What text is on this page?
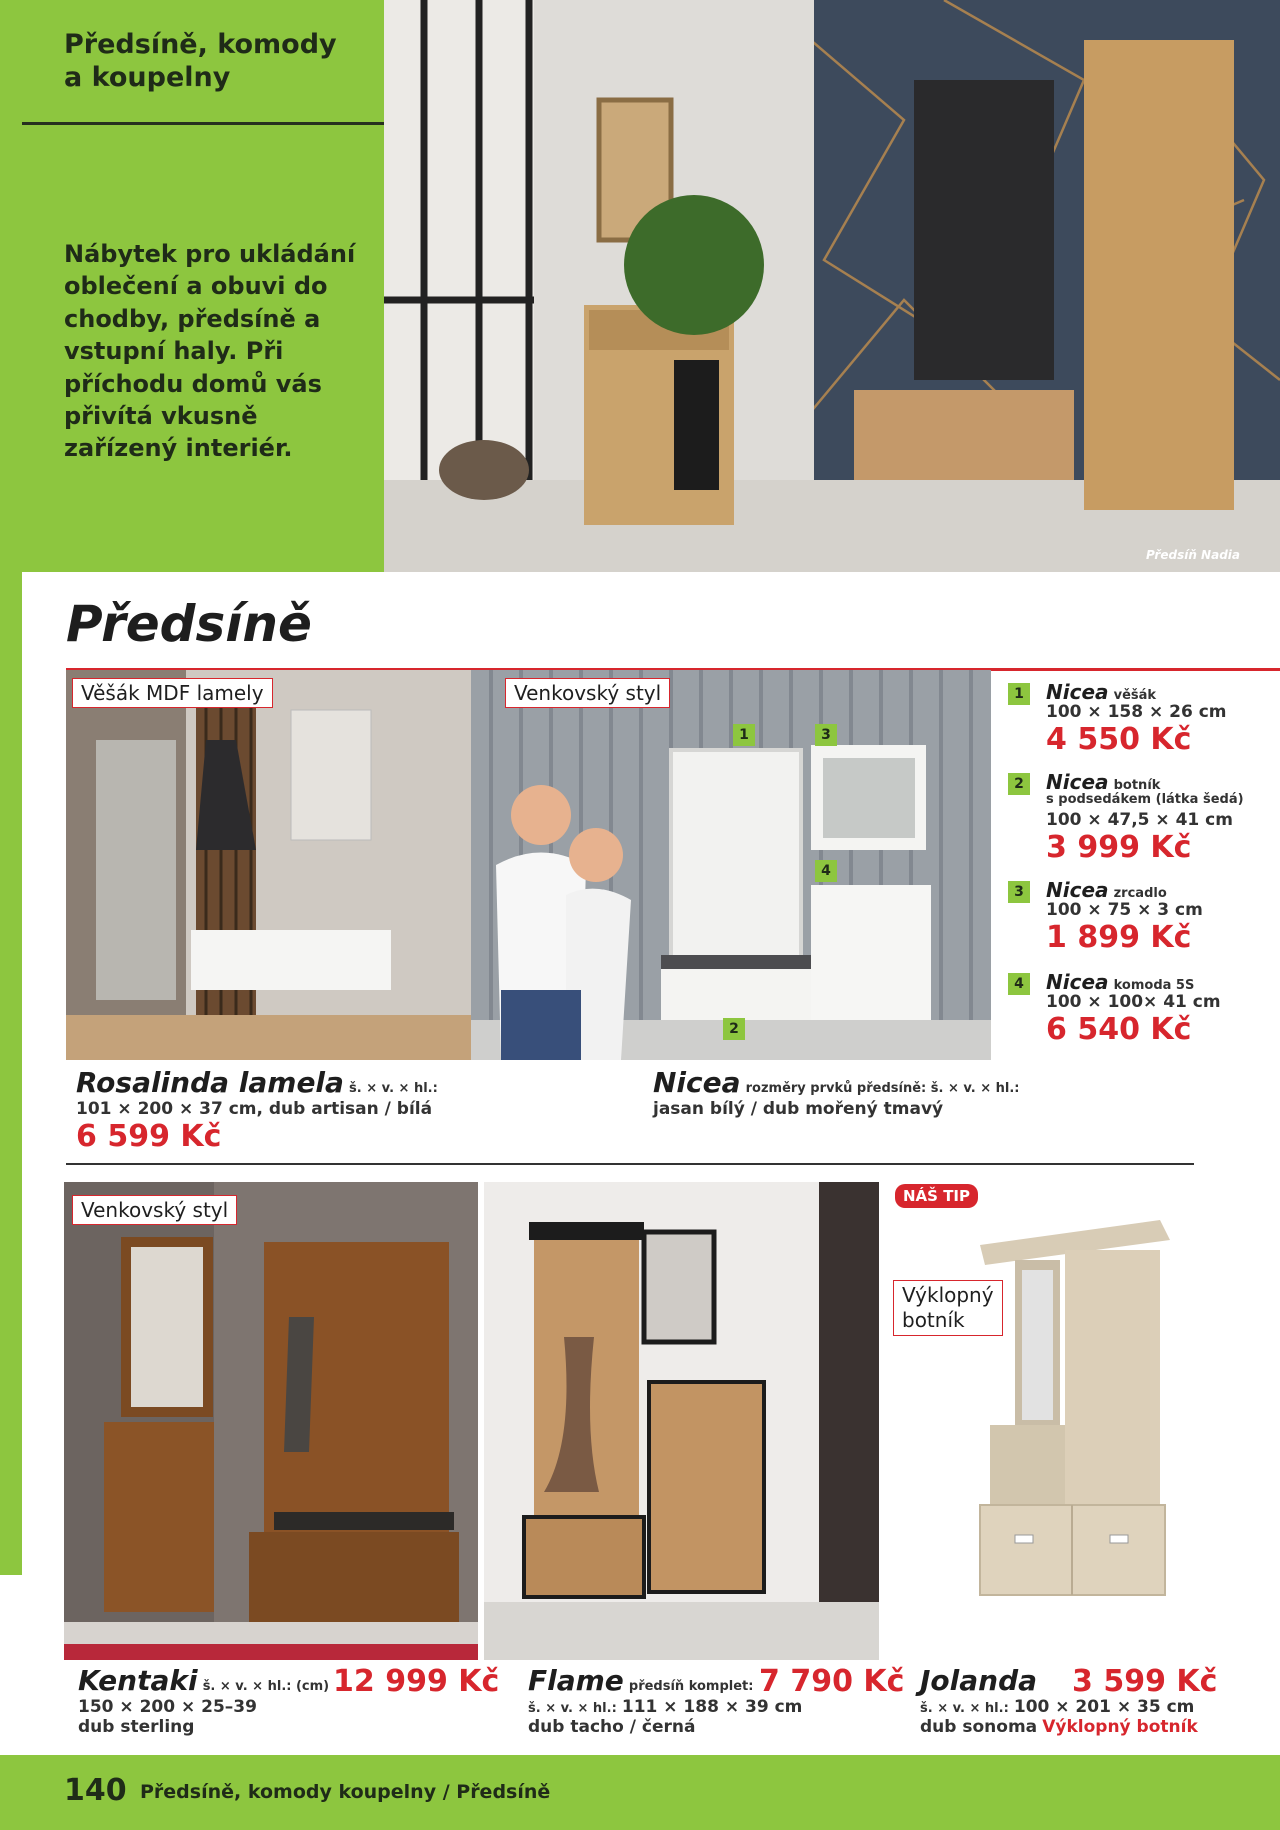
Předsíně, komody
a koupelny
Nábytek pro ukládání oblečení a obuvi do chodby, předsíně a vstupní haly. Při příchodu domů vás přivítá vkusně zařízený interiér.
Předsíň Nadia
Předsíně
Věšák MDF lamely	Venkovský styl
1	3
4
2
1	Nicea věšák
100 × 158 × 26 cm
4 550 Kč
2	Nicea botník
s podsedákem (látka šedá)
100 × 47,5 × 41 cm
3 999 Kč
3	Nicea zrcadlo
100 × 75 × 3 cm
1 899 Kč
4	Nicea komoda 5S
100 × 100× 41 cm
6 540 Kč
Rosalinda lamela š. × v. × hl.:
101 × 200 × 37 cm, dub artisan / bílá
6 599 Kč
Nicea rozměry prvků předsíně: š. × v. × hl.:
jasan bílý / dub mořený tmavý
Venkovský styl
NÁŠ TIP
Výklopný
botník
Kentaki š. × v. × hl.: (cm)
150 × 200 × 25–39
dub sterling
12 999 Kč Flame předsíň komplet:
š. × v. × hl.: 111 × 188 × 39 cm
dub tacho / černá
7 790 Kč Jolanda
š. × v. × hl.: 100 × 201 × 35 cm
dub sonoma Výklopný botník
3 599 Kč
140 Předsíně, komody koupelny / Předsíně
